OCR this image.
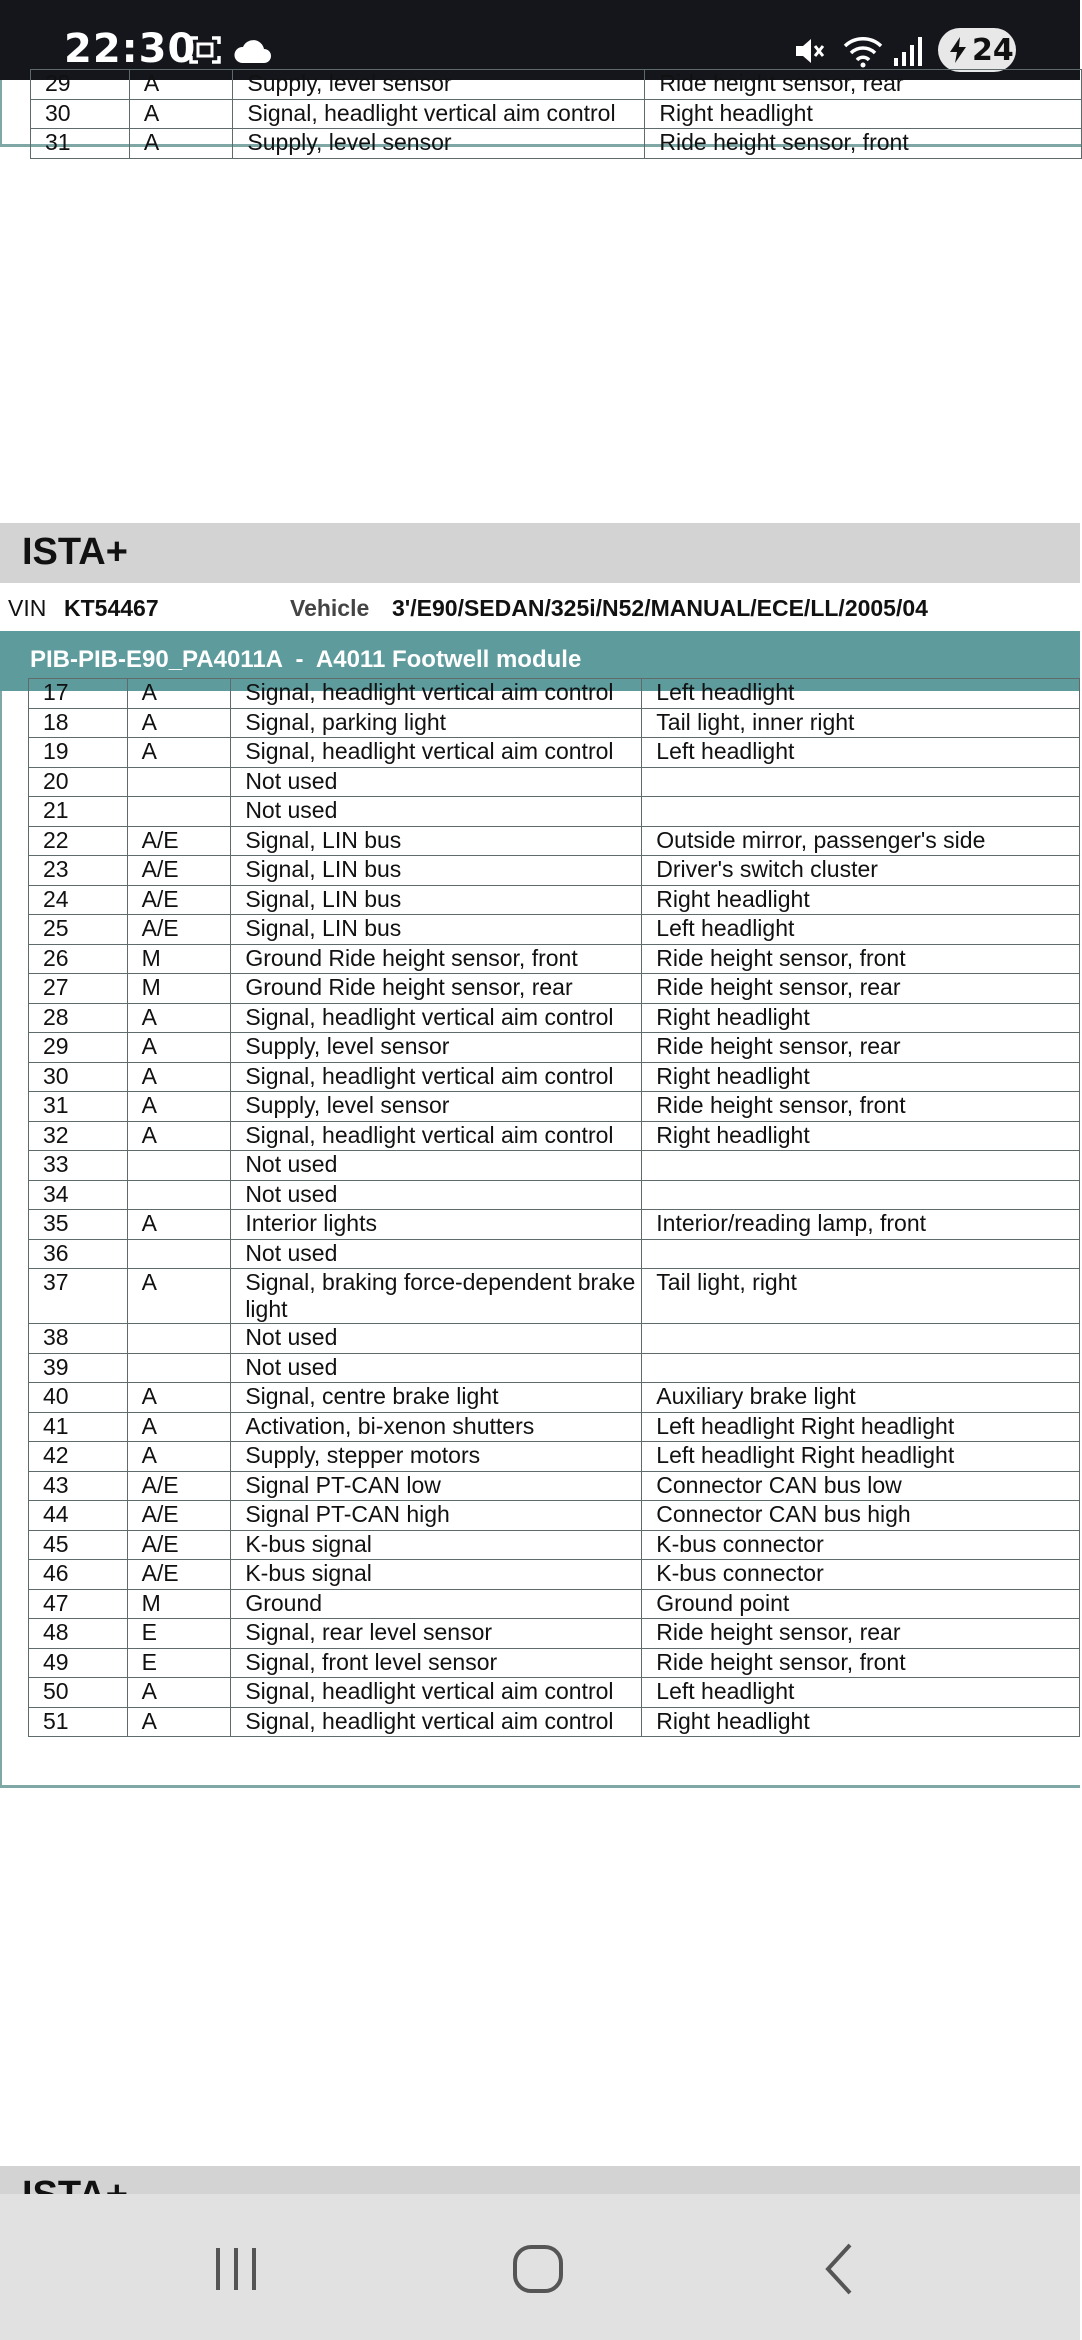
22:30	24
29	A	Supply, level sensor	Ride height sensor, rear
30	A	Signal, headlight vertical aim control	Right headlight
31	A	Supply, level sensor	Ride height sensor, front
ISTA+
VIN KT54467	Vehicle 3'/E90/SEDAN/325i/N52/MANUAL/ECE/LL/2005/04
PIB-PIB-E90_PA4011A  -  A4011 Footwell module
17	A	Signal, headlight vertical aim control	Left headlight
18	A	Signal, parking light	Tail light, inner right
19	A	Signal, headlight vertical aim control	Left headlight
20		Not used	
21		Not used	
22	A/E	Signal, LIN bus	Outside mirror, passenger's side
23	A/E	Signal, LIN bus	Driver's switch cluster
24	A/E	Signal, LIN bus	Right headlight
25	A/E	Signal, LIN bus	Left headlight
26	M	Ground Ride height sensor, front	Ride height sensor, front
27	M	Ground Ride height sensor, rear	Ride height sensor, rear
28	A	Signal, headlight vertical aim control	Right headlight
29	A	Supply, level sensor	Ride height sensor, rear
30	A	Signal, headlight vertical aim control	Right headlight
31	A	Supply, level sensor	Ride height sensor, front
32	A	Signal, headlight vertical aim control	Right headlight
33		Not used	
34		Not used	
35	A	Interior lights	Interior/reading lamp, front
36		Not used	
37	A	Signal, braking force-dependent brake light	Tail light, right
38		Not used	
39		Not used	
40	A	Signal, centre brake light	Auxiliary brake light
41	A	Activation, bi-xenon shutters	Left headlight Right headlight
42	A	Supply, stepper motors	Left headlight Right headlight
43	A/E	Signal PT-CAN low	Connector CAN bus low
44	A/E	Signal PT-CAN high	Connector CAN bus high
45	A/E	K-bus signal	K-bus connector
46	A/E	K-bus signal	K-bus connector
47	M	Ground	Ground point
48	E	Signal, rear level sensor	Ride height sensor, rear
49	E	Signal, front level sensor	Ride height sensor, front
50	A	Signal, headlight vertical aim control	Left headlight
51	A	Signal, headlight vertical aim control	Right headlight
